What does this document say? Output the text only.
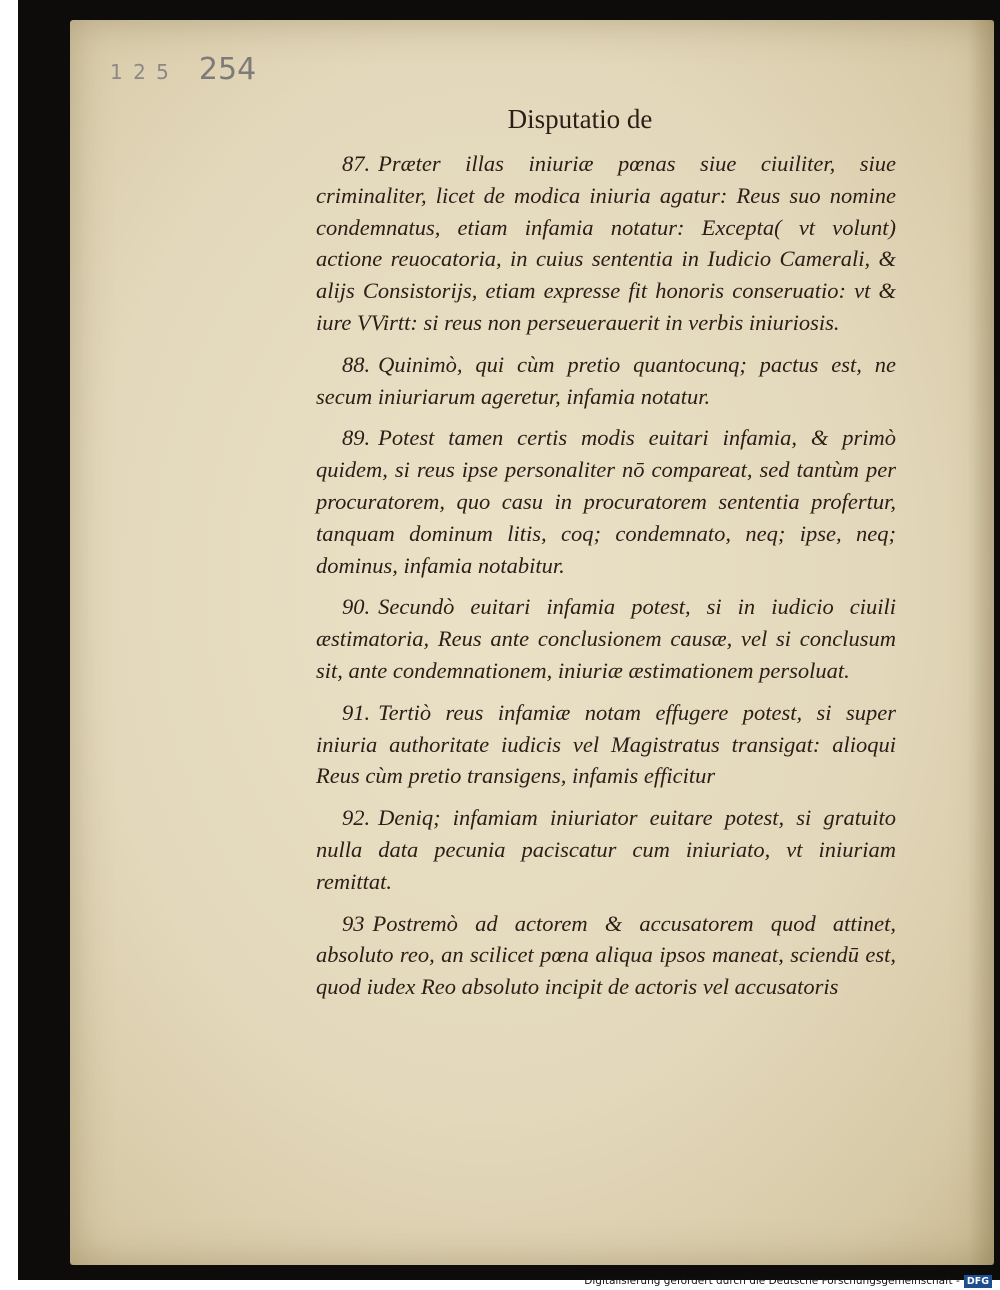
1 2 5 254
Disputatio de

87. Præter illas iniuriæ pœnas siue ciuiliter, siue criminaliter, licet de modica iniuria agatur: Reus suo nomine condemnatus, etiam infamia notatur: Excepta( vt volunt) actione reuocatoria, in cuius sententia in Iudicio Camerali, & alijs Consistorijs, etiam expresse fit honoris conseruatio: vt & iure VVirtt: si reus non perseuerauerit in verbis iniuriosis.

88. Quinimò, qui cùm pretio quantocunq; pactus est, ne secum iniuriarum ageretur, infamia notatur.

89. Potest tamen certis modis euitari infamia, & primò quidem, si reus ipse personaliter nō compareat, sed tantùm per procuratorem, quo casu in procuratorem sententia profertur, tanquam dominum litis, coq; condemnato, neq; ipse, neq; dominus, infamia notabitur.

90. Secundò euitari infamia potest, si in iudicio ciuili æstimatoria, Reus ante conclusionem causæ, vel si conclusum sit, ante condemnationem, iniuriæ æstimationem persoluat.

91. Tertiò reus infamiæ notam effugere potest, si super iniuria authoritate iudicis vel Magistratus transigat: alioqui Reus cùm pretio transigens, infamis efficitur

92. Deniq; infamiam iniuriator euitare potest, si gratuito nulla data pecunia paciscatur cum iniuriato, vt iniuriam remittat.

93 Postremò ad actorem & accusatorem quod attinet, absoluto reo, an scilicet pœna aliqua ipsos maneat, sciendū est, quod iudex Reo absoluto incipit de actoris vel accusatoris

Digitalisierung gefördert durch die Deutsche Forschungsgemeinschaft - DFG
